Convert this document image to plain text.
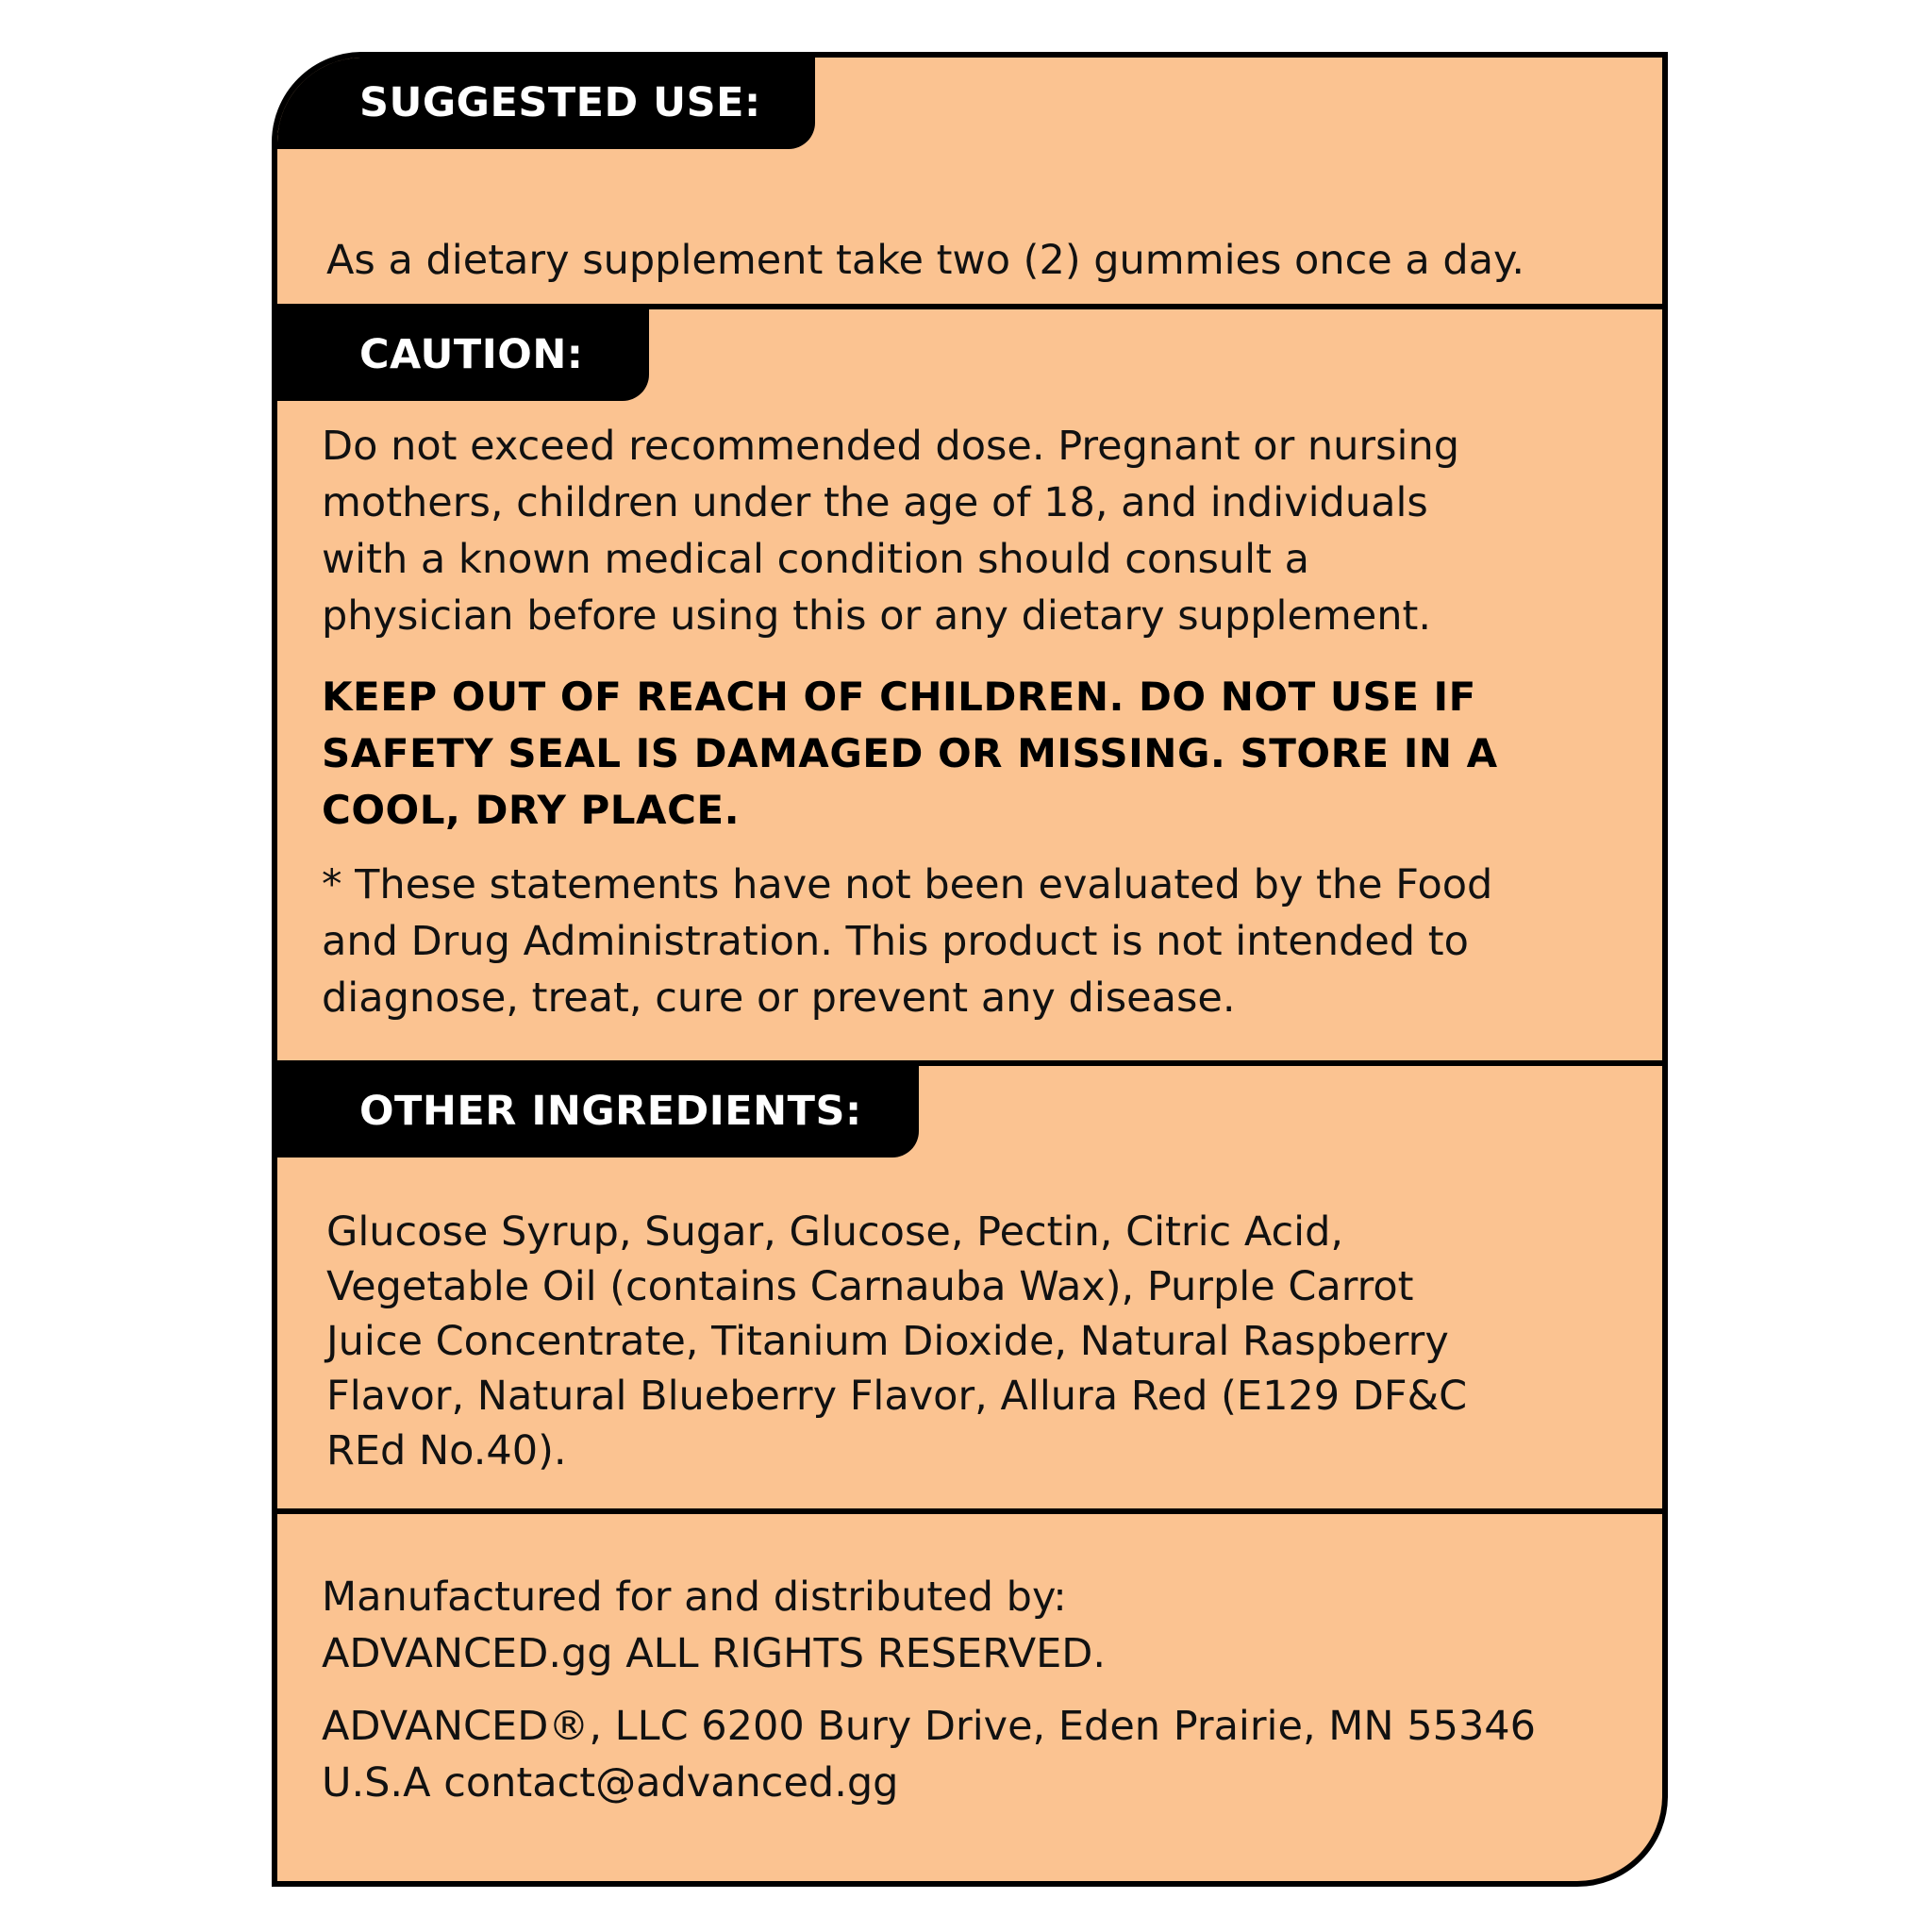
SUGGESTED USE:
As a dietary supplement take two (2) gummies once a day.
CAUTION:
Do not exceed recommended dose. Pregnant or nursing
mothers, children under the age of 18, and individuals
with a known medical condition should consult a
physician before using this or any dietary supplement.
KEEP OUT OF REACH OF CHILDREN. DO NOT USE IF
SAFETY SEAL IS DAMAGED OR MISSING. STORE IN A
COOL, DRY PLACE.
* These statements have not been evaluated by the Food
and Drug Administration. This product is not intended to
diagnose, treat, cure or prevent any disease.
OTHER INGREDIENTS:
Glucose Syrup, Sugar, Glucose, Pectin, Citric Acid,
Vegetable Oil (contains Carnauba Wax), Purple Carrot
Juice Concentrate, Titanium Dioxide, Natural Raspberry
Flavor, Natural Blueberry Flavor, Allura Red (E129 DF&C
REd No.40).
Manufactured for and distributed by:
ADVANCED.gg ALL RIGHTS RESERVED.
ADVANCED®, LLC 6200 Bury Drive, Eden Prairie, MN 55346
U.S.A contact@advanced.gg
